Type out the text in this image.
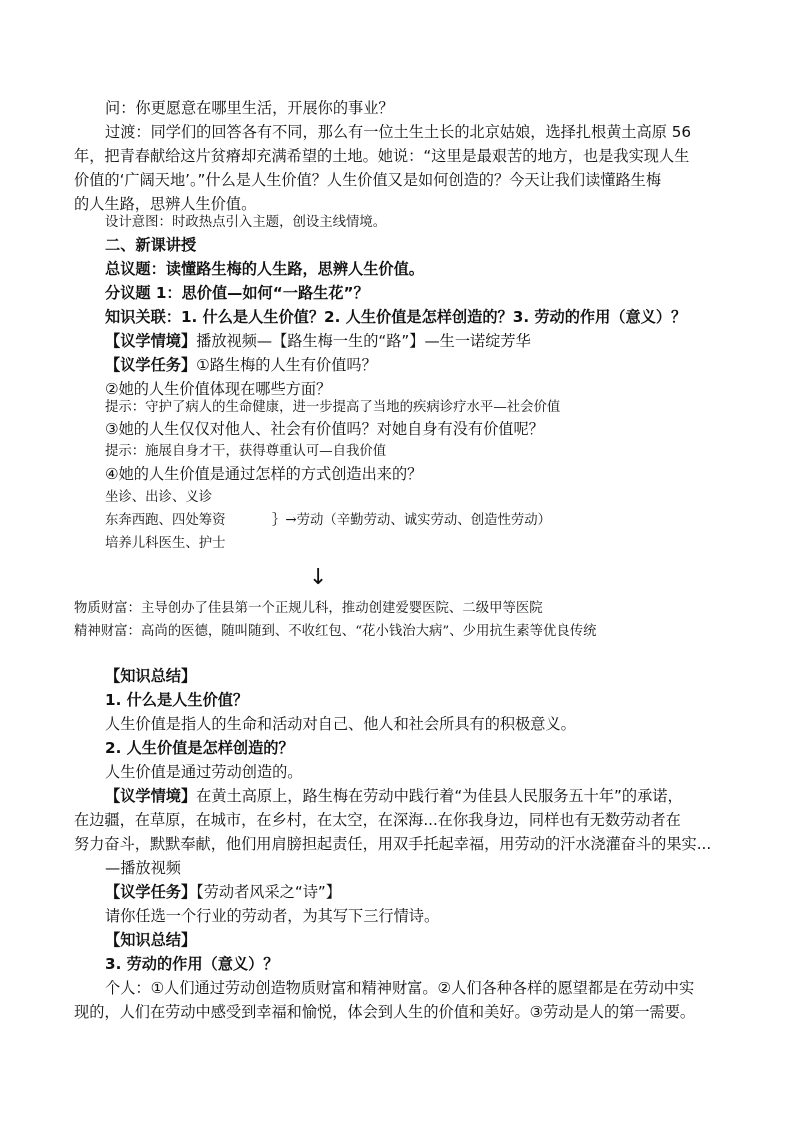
问：你更愿意在哪里生活，开展你的事业？
过渡：同学们的回答各有不同，那么有一位土生土长的北京姑娘，选择扎根黄土高原 56
年，把青春献给这片贫瘠却充满希望的土地。她说：“这里是最艰苦的地方，也是我实现人生
价值的‘广阔天地’。”什么是人生价值？人生价值又是如何创造的？今天让我们读懂路生梅
的人生路，思辨人生价值。
设计意图：时政热点引入主题，创设主线情境。
二、新课讲授
总议题：读懂路生梅的人生路，思辨人生价值。
分议题 1：思价值—如何“一路生花”？
知识关联：1. 什么是人生价值？2. 人生价值是怎样创造的？3. 劳动的作用（意义）？
【议学情境】播放视频—【路生梅一生的“路”】—生一诺绽芳华
【议学任务】①路生梅的人生有价值吗？
②她的人生价值体现在哪些方面？
提示：守护了病人的生命健康，进一步提高了当地的疾病诊疗水平—社会价值
③她的人生仅仅对他人、社会有价值吗？对她自身有没有价值呢？
提示：施展自身才干，获得尊重认可—自我价值
④她的人生价值是通过怎样的方式创造出来的？
坐诊、出诊、义诊
东奔西跑、四处筹资	｝→劳动（辛勤劳动、诚实劳动、创造性劳动）
培养儿科医生、护士
↓
物质财富：主导创办了佳县第一个正规儿科，推动创建爱婴医院、二级甲等医院
精神财富：高尚的医德，随叫随到、不收红包、“花小钱治大病”、少用抗生素等优良传统
【知识总结】
1. 什么是人生价值？
人生价值是指人的生命和活动对自己、他人和社会所具有的积极意义。
2. 人生价值是怎样创造的？
人生价值是通过劳动创造的。
【议学情境】在黄土高原上，路生梅在劳动中践行着“为佳县人民服务五十年”的承诺，
在边疆，在草原，在城市，在乡村，在太空，在深海...在你我身边，同样也有无数劳动者在
努力奋斗，默默奉献，他们用肩膀担起责任，用双手托起幸福，用劳动的汗水浇灌奋斗的果实...
—播放视频
【议学任务】【劳动者风采之“诗”】
请你任选一个行业的劳动者，为其写下三行情诗。
【知识总结】
3. 劳动的作用（意义）？
个人：①人们通过劳动创造物质财富和精神财富。②人们各种各样的愿望都是在劳动中实
现的，人们在劳动中感受到幸福和愉悦，体会到人生的价值和美好。③劳动是人的第一需要。
